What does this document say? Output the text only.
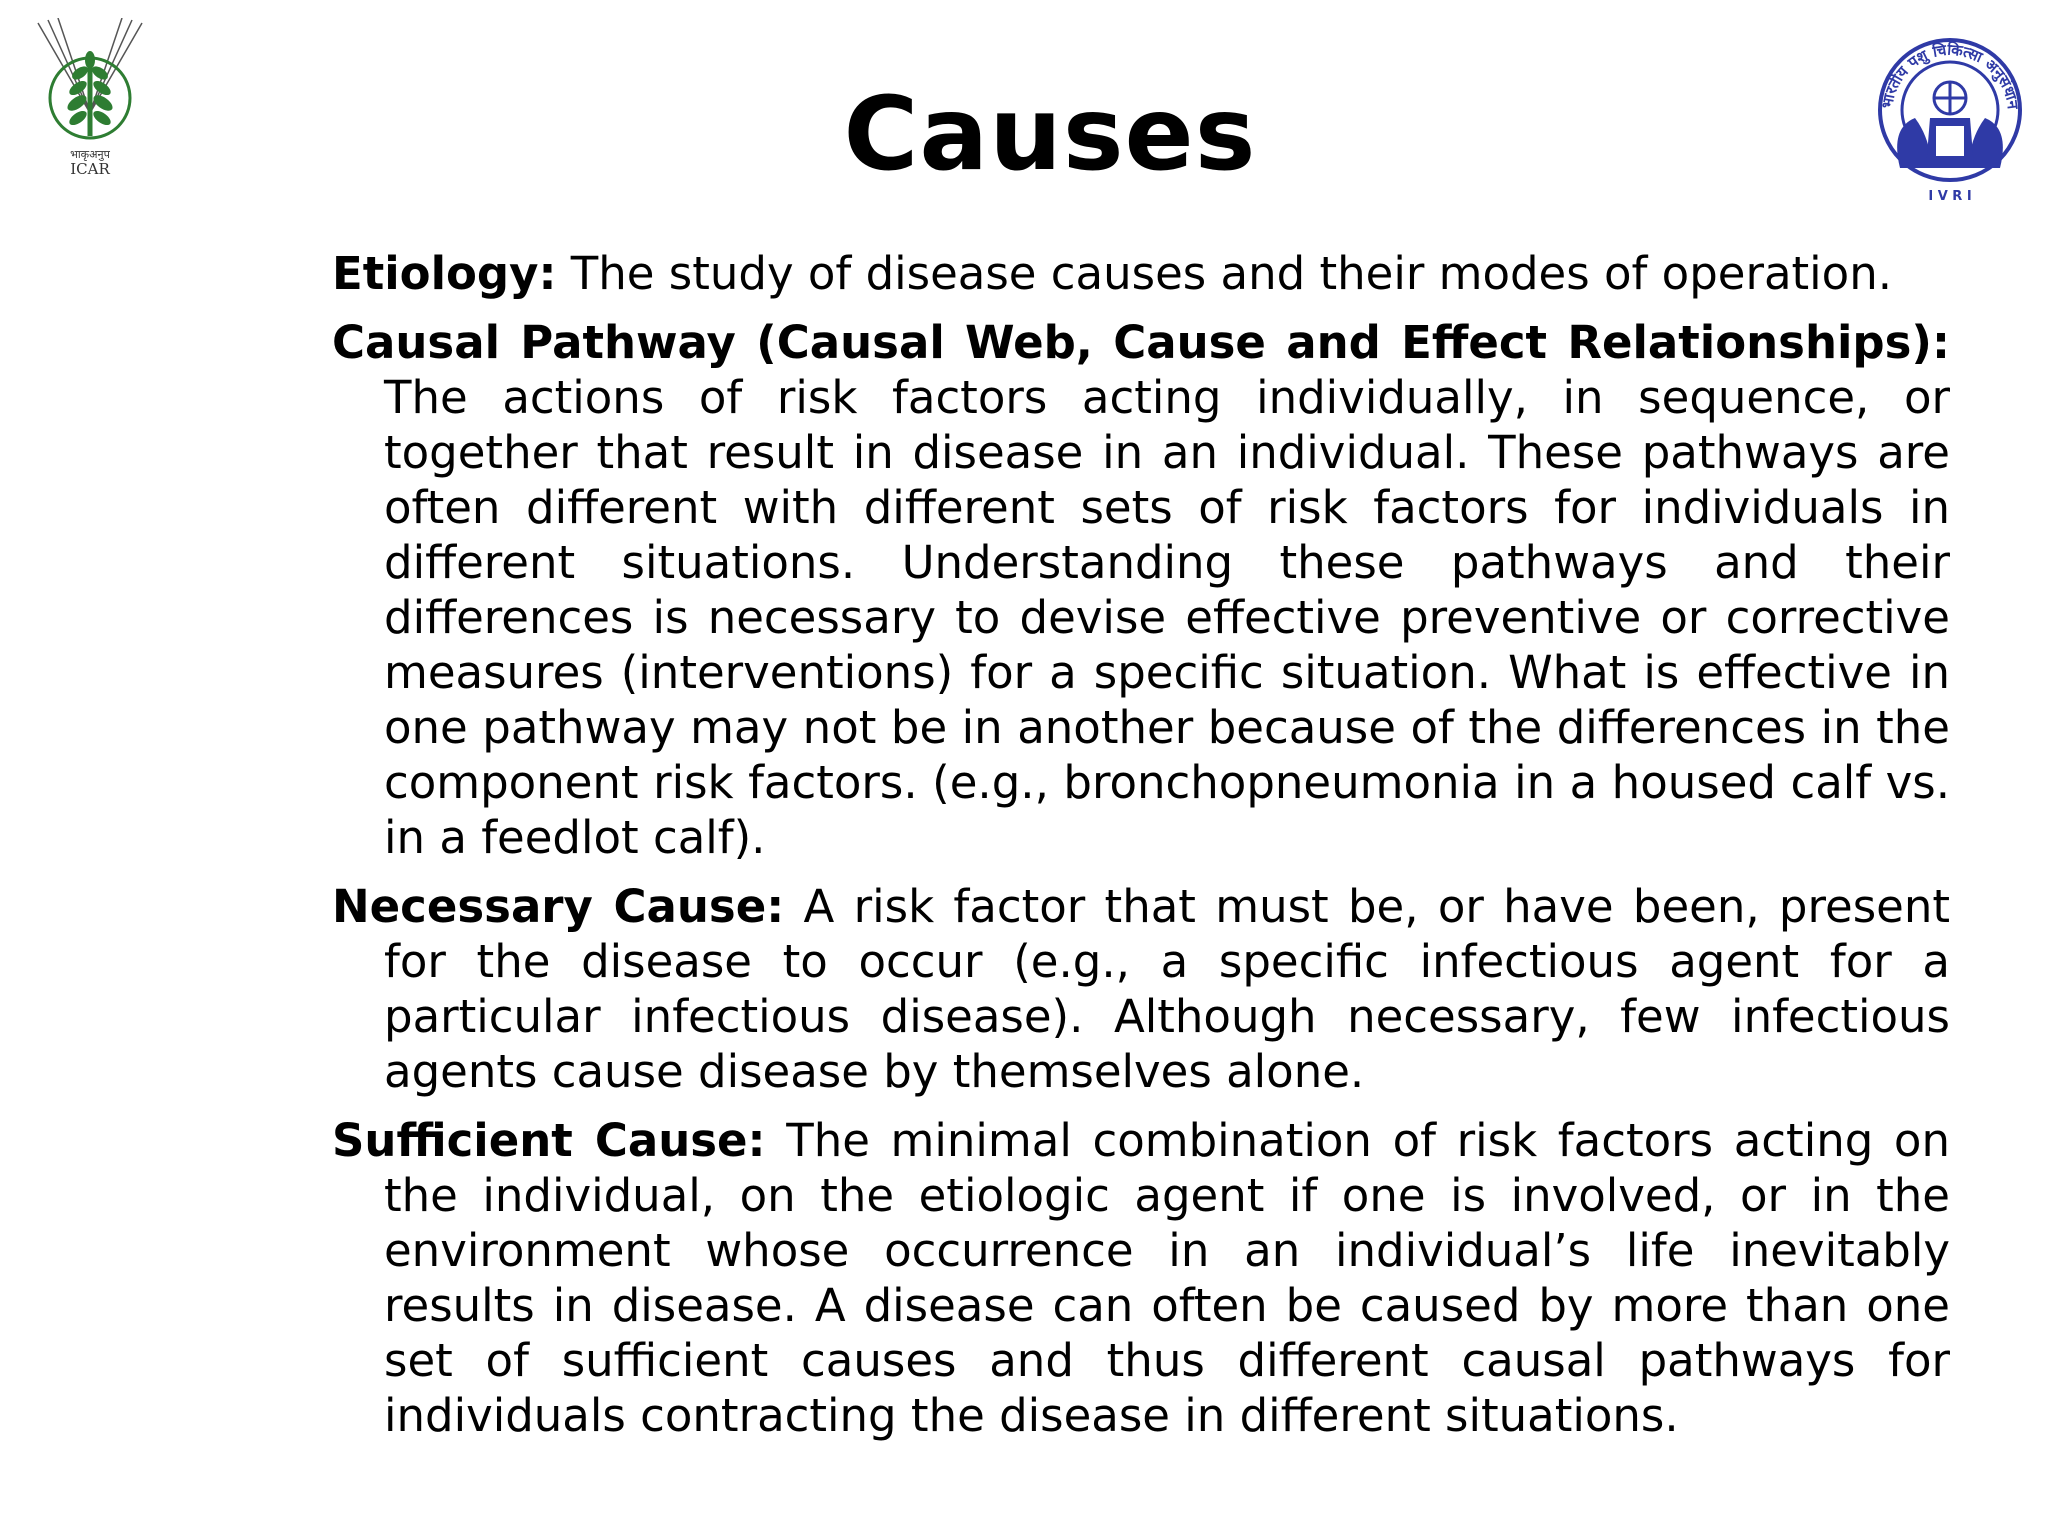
भाकृअनुप
ICAR
भारतीय पशु चिकित्सा अनुसंधान
I V R I
Causes

Etiology: The study of disease causes and their modes of operation.

Causal Pathway (Causal Web, Cause and Effect Relationships): The actions of risk factors acting individually, in sequence, or together that result in disease in an individual. These pathways are often different with different sets of risk factors for individuals in different situations. Understanding these pathways and their differences is necessary to devise effective preventive or corrective measures (interventions) for a specific situation. What is effective in one pathway may not be in another because of the differences in the component risk factors. (e.g., bronchopneumonia in a housed calf vs. in a feedlot calf).

Necessary Cause: A risk factor that must be, or have been, present for the disease to occur (e.g., a specific infectious agent for a particular infectious disease). Although necessary, few infectious agents cause disease by themselves alone.

Sufficient Cause: The minimal combination of risk factors acting on the individual, on the etiologic agent if one is involved, or in the environment whose occurrence in an individual’s life inevitably results in disease. A disease can often be caused by more than one set of sufficient causes and thus different causal pathways for individuals contracting the disease in different situations.
